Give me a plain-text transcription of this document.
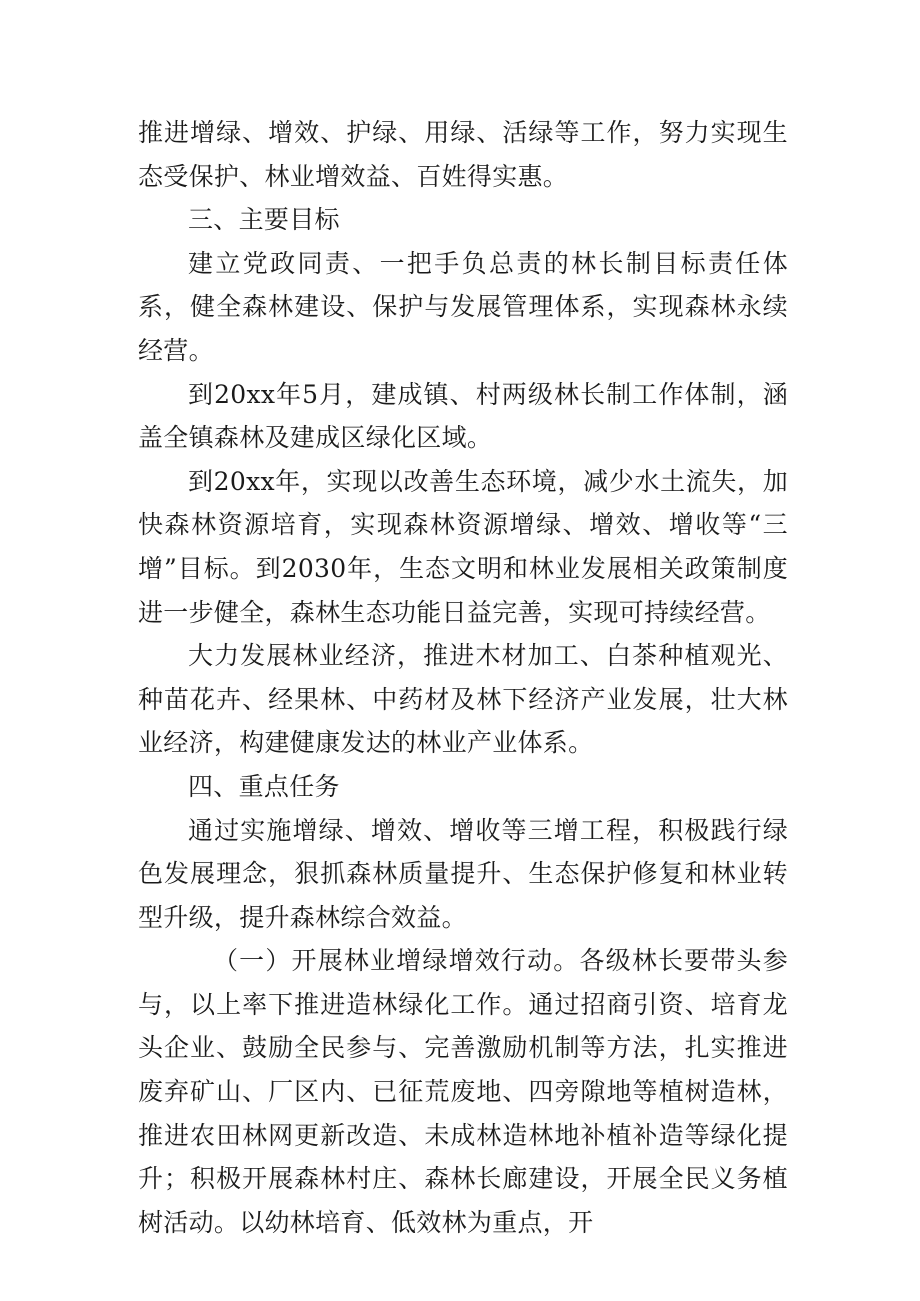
推进增绿、增效、护绿、用绿、活绿等工作，努力实现生态受保护、林业增效益、百姓得实惠。

三、主要目标

建立党政同责、一把手负总责的林长制目标责任体系，健全森林建设、保护与发展管理体系，实现森林永续经营。

到20xx年5月，建成镇、村两级林长制工作体制，涵盖全镇森林及建成区绿化区域。

到20xx年，实现以改善生态环境，减少水土流失，加快森林资源培育，实现森林资源增绿、增效、增收等“三增”目标。到2030年，生态文明和林业发展相关政策制度进一步健全，森林生态功能日益完善，实现可持续经营。

大力发展林业经济，推进木材加工、白茶种植观光、种苗花卉、经果林、中药材及林下经济产业发展，壮大林业经济，构建健康发达的林业产业体系。

四、重点任务

通过实施增绿、增效、增收等三增工程，积极践行绿色发展理念，狠抓森林质量提升、生态保护修复和林业转型升级，提升森林综合效益。

（一）开展林业增绿增效行动。各级林长要带头参与，以上率下推进造林绿化工作。通过招商引资、培育龙头企业、鼓励全民参与、完善激励机制等方法，扎实推进废弃矿山、厂区内、已征荒废地、四旁隙地等植树造林，推进农田林网更新改造、未成林造林地补植补造等绿化提升；积极开展森林村庄、森林长廊建设，开展全民义务植树活动。以幼林培育、低效林为重点，开
